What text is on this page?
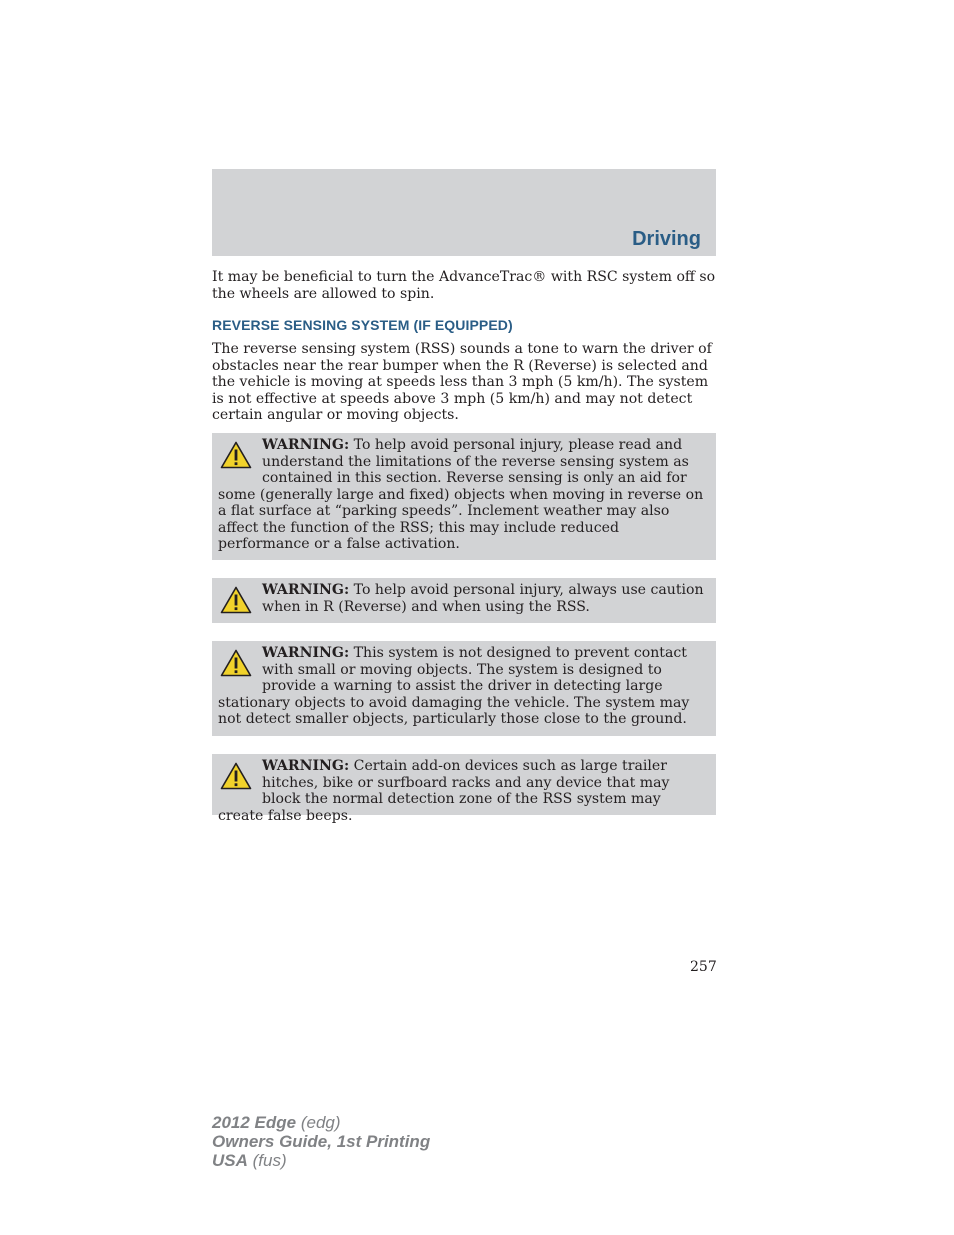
Driving
It may be beneficial to turn the AdvanceTrac® with RSC system off so the wheels are allowed to spin.
REVERSE SENSING SYSTEM (IF EQUIPPED)
The reverse sensing system (RSS) sounds a tone to warn the driver of obstacles near the rear bumper when the R (Reverse) is selected and the vehicle is moving at speeds less than 3 mph (5 km/h). The system is not effective at speeds above 3 mph (5 km/h) and may not detect certain angular or moving objects.
WARNING: To help avoid personal injury, please read and understand the limitations of the reverse sensing system as contained in this section. Reverse sensing is only an aid for some (generally large and fixed) objects when moving in reverse on a flat surface at “parking speeds”. Inclement weather may also affect the function of the RSS; this may include reduced performance or a false activation.
WARNING: To help avoid personal injury, always use caution when in R (Reverse) and when using the RSS.
WARNING: This system is not designed to prevent contact with small or moving objects. The system is designed to provide a warning to assist the driver in detecting large stationary objects to avoid damaging the vehicle. The system may not detect smaller objects, particularly those close to the ground.
WARNING: Certain add-on devices such as large trailer hitches, bike or surfboard racks and any device that may block the normal detection zone of the RSS system may create false beeps.
257
2012 Edge (edg)
Owners Guide, 1st Printing
USA (fus)
